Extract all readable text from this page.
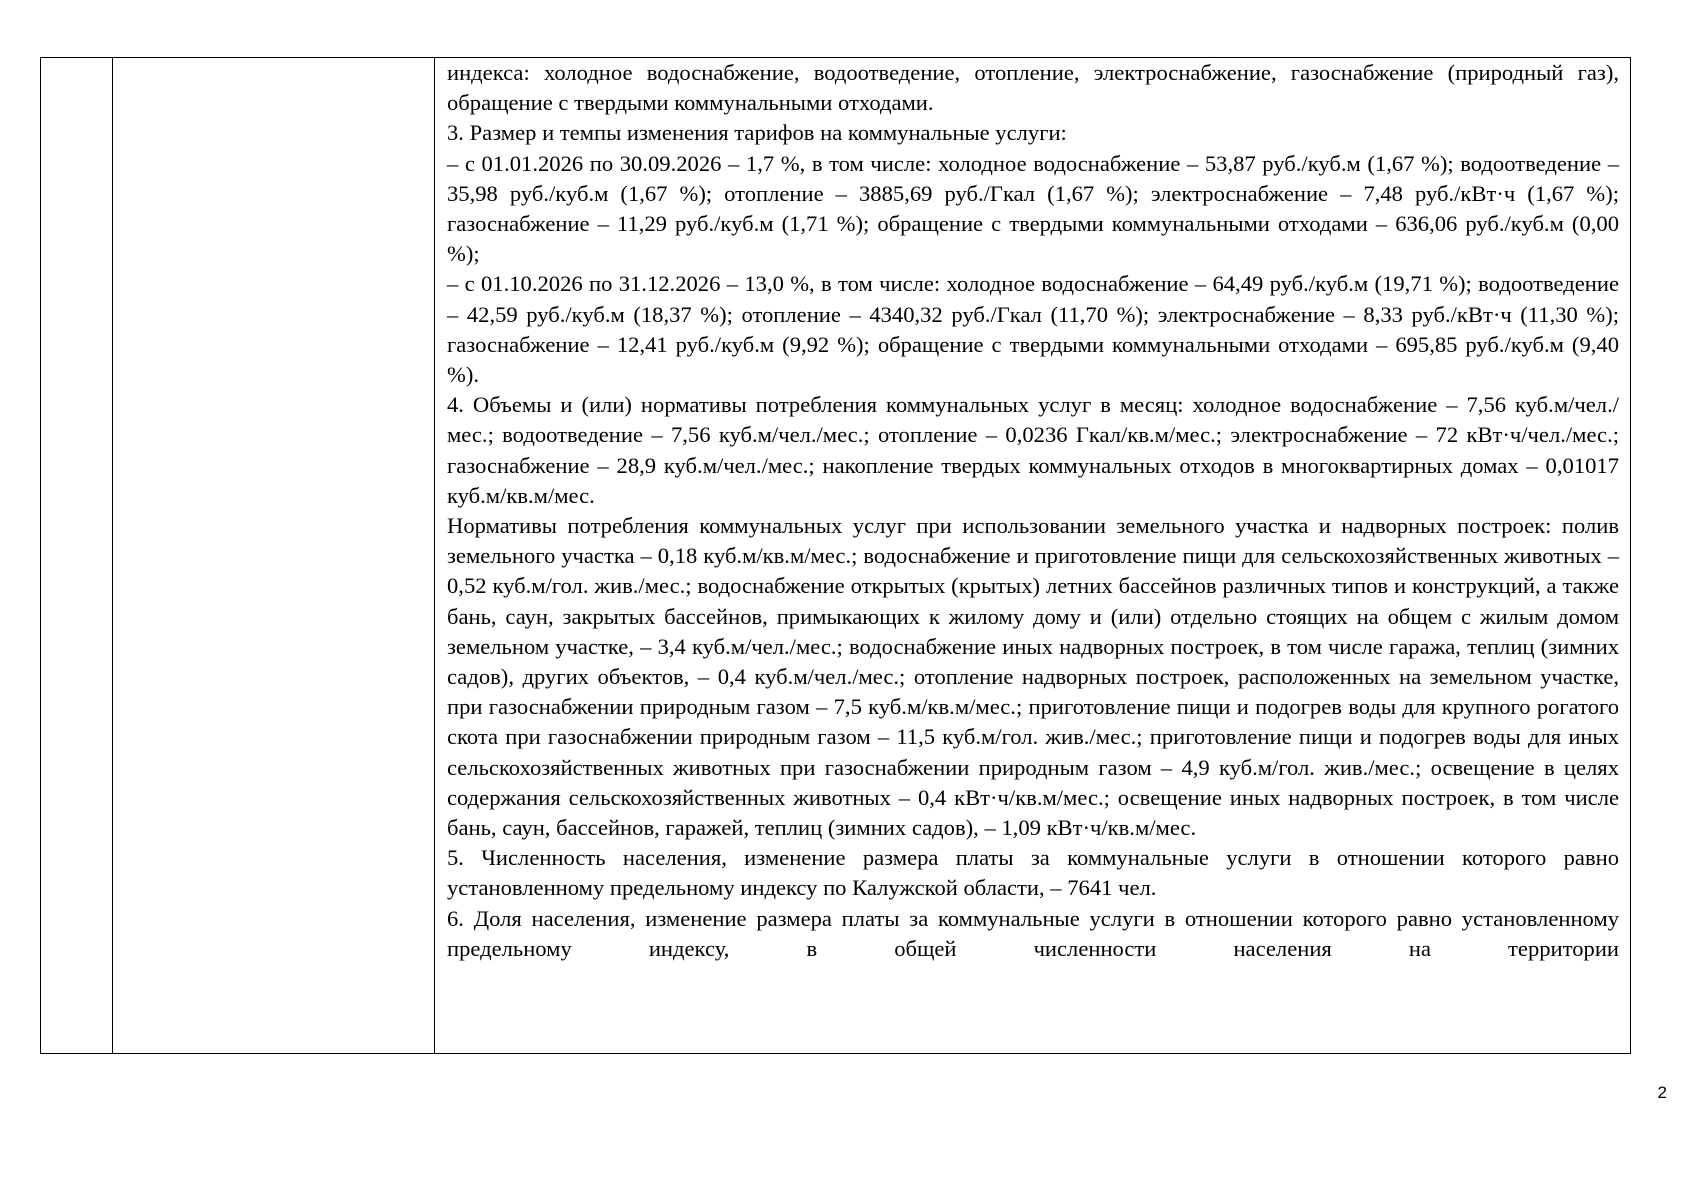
индекса: холодное водоснабжение, водоотведение, отопление, электроснабжение, газоснабжение (природный газ), обращение с твердыми коммунальными отходами.

3. Размер и темпы изменения тарифов на коммунальные услуги:

– с 01.01.2026 по 30.09.2026 – 1,7 %, в том числе: холодное водоснабжение – 53,87 руб./куб.м (1,67 %); водоотведение – 35,98 руб./куб.м (1,67 %); отопление – 3885,69 руб./Гкал (1,67 %); электроснабжение – 7,48 руб./кВт·ч (1,67 %); газоснабжение – 11,29 руб./куб.м (1,71 %); обращение с твердыми коммунальными отходами – 636,06 руб./куб.м (0,00 %);

– с 01.10.2026 по 31.12.2026 – 13,0 %, в том числе: холодное водоснабжение – 64,49 руб./куб.м (19,71 %); водоотведение – 42,59 руб./куб.м (18,37 %); отопление – 4340,32 руб./Гкал (11,70 %); электроснабжение – 8,33 руб./кВт·ч (11,30 %); газоснабжение – 12,41 руб./куб.м (9,92 %); обращение с твердыми коммунальными отходами – 695,85 руб./куб.м (9,40 %).

4. Объемы и (или) нормативы потребления коммунальных услуг в месяц: холодное водоснабжение – 7,56 куб.м/чел./мес.; водоотведение – 7,56 куб.м/чел./мес.; отопление – 0,0236 Гкал/кв.м/мес.; электроснабжение – 72 кВт·ч/чел./мес.; газоснабжение – 28,9 куб.м/чел./мес.; накопление твердых коммунальных отходов в многоквартирных домах – 0,01017 куб.м/кв.м/мес.

Нормативы потребления коммунальных услуг при использовании земельного участка и надворных построек: полив земельного участка – 0,18 куб.м/кв.м/мес.; водоснабжение и приготовление пищи для сельскохозяйственных животных – 0,52 куб.м/гол. жив./мес.; водоснабжение открытых (крытых) летних бассейнов различных типов и конструкций, а также бань, саун, закрытых бассейнов, примыкающих к жилому дому и (или) отдельно стоящих на общем с жилым домом земельном участке, – 3,4 куб.м/чел./мес.; водоснабжение иных надворных построек, в том числе гаража, теплиц (зимних садов), других объектов, – 0,4 куб.м/чел./мес.; отопление надворных построек, расположенных на земельном участке, при газоснабжении природным газом – 7,5 куб.м/кв.м/мес.; приготовление пищи и подогрев воды для крупного рогатого скота при газоснабжении природным газом – 11,5 куб.м/гол. жив./мес.; приготовление пищи и подогрев воды для иных сельскохозяйственных животных при газоснабжении природным газом – 4,9 куб.м/гол. жив./мес.; освещение в целях содержания сельскохозяйственных животных – 0,4 кВт·ч/кв.м/мес.; освещение иных надворных построек, в том числе бань, саун, бассейнов, гаражей, теплиц (зимних садов), – 1,09 кВт·ч/кв.м/мес.

5. Численность населения, изменение размера платы за коммунальные услуги в отношении которого равно установленному предельному индексу по Калужской области, – 7641 чел.

6. Доля населения, изменение размера платы за коммунальные услуги в отношении которого равно установленному предельному индексу, в общей численности населения на территории

2
